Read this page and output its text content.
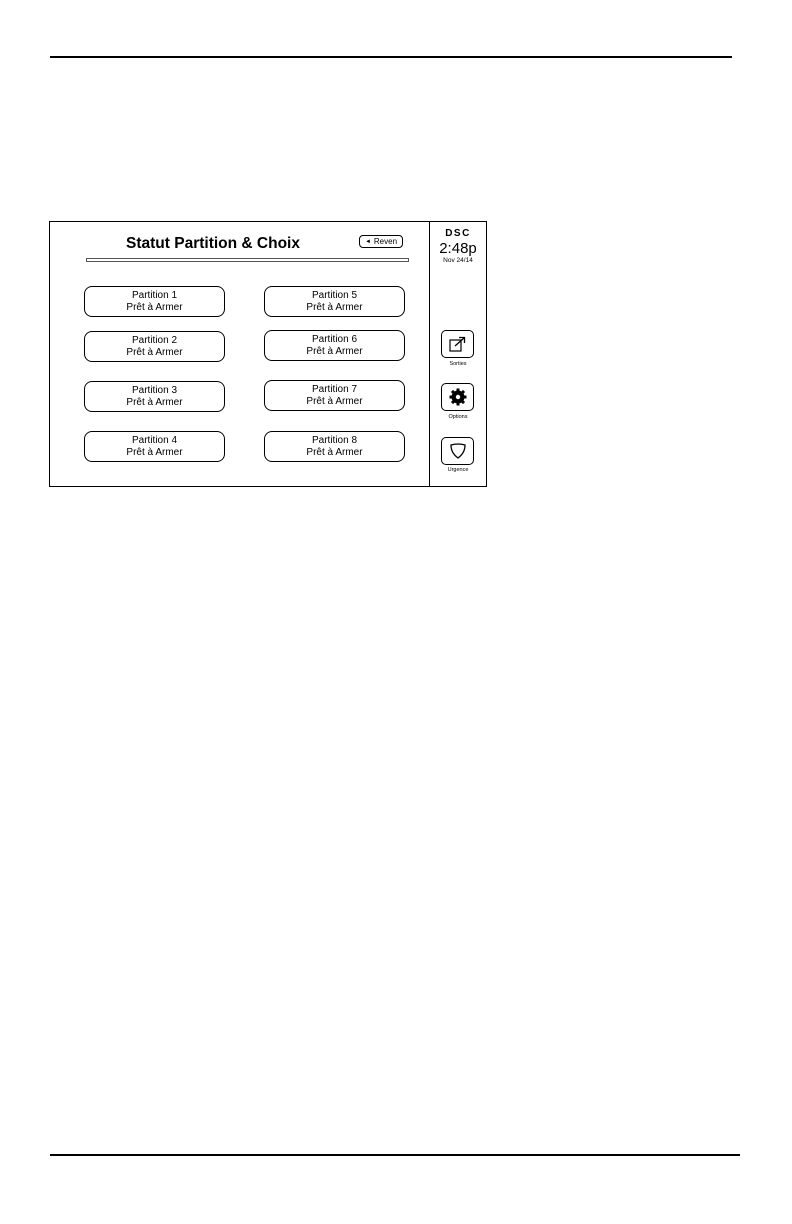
Statut Partition & Choix	◄ Reven
Partition 1
Prêt à Armer
Partition 2
Prêt à Armer
Partition 3
Prêt à Armer
Partition 4
Prêt à Armer
Partition 5
Prêt à Armer
Partition 6
Prêt à Armer
Partition 7
Prêt à Armer
Partition 8
Prêt à Armer
DSC
2:48p
Nov 24/14
Sorties
Options
Urgence
